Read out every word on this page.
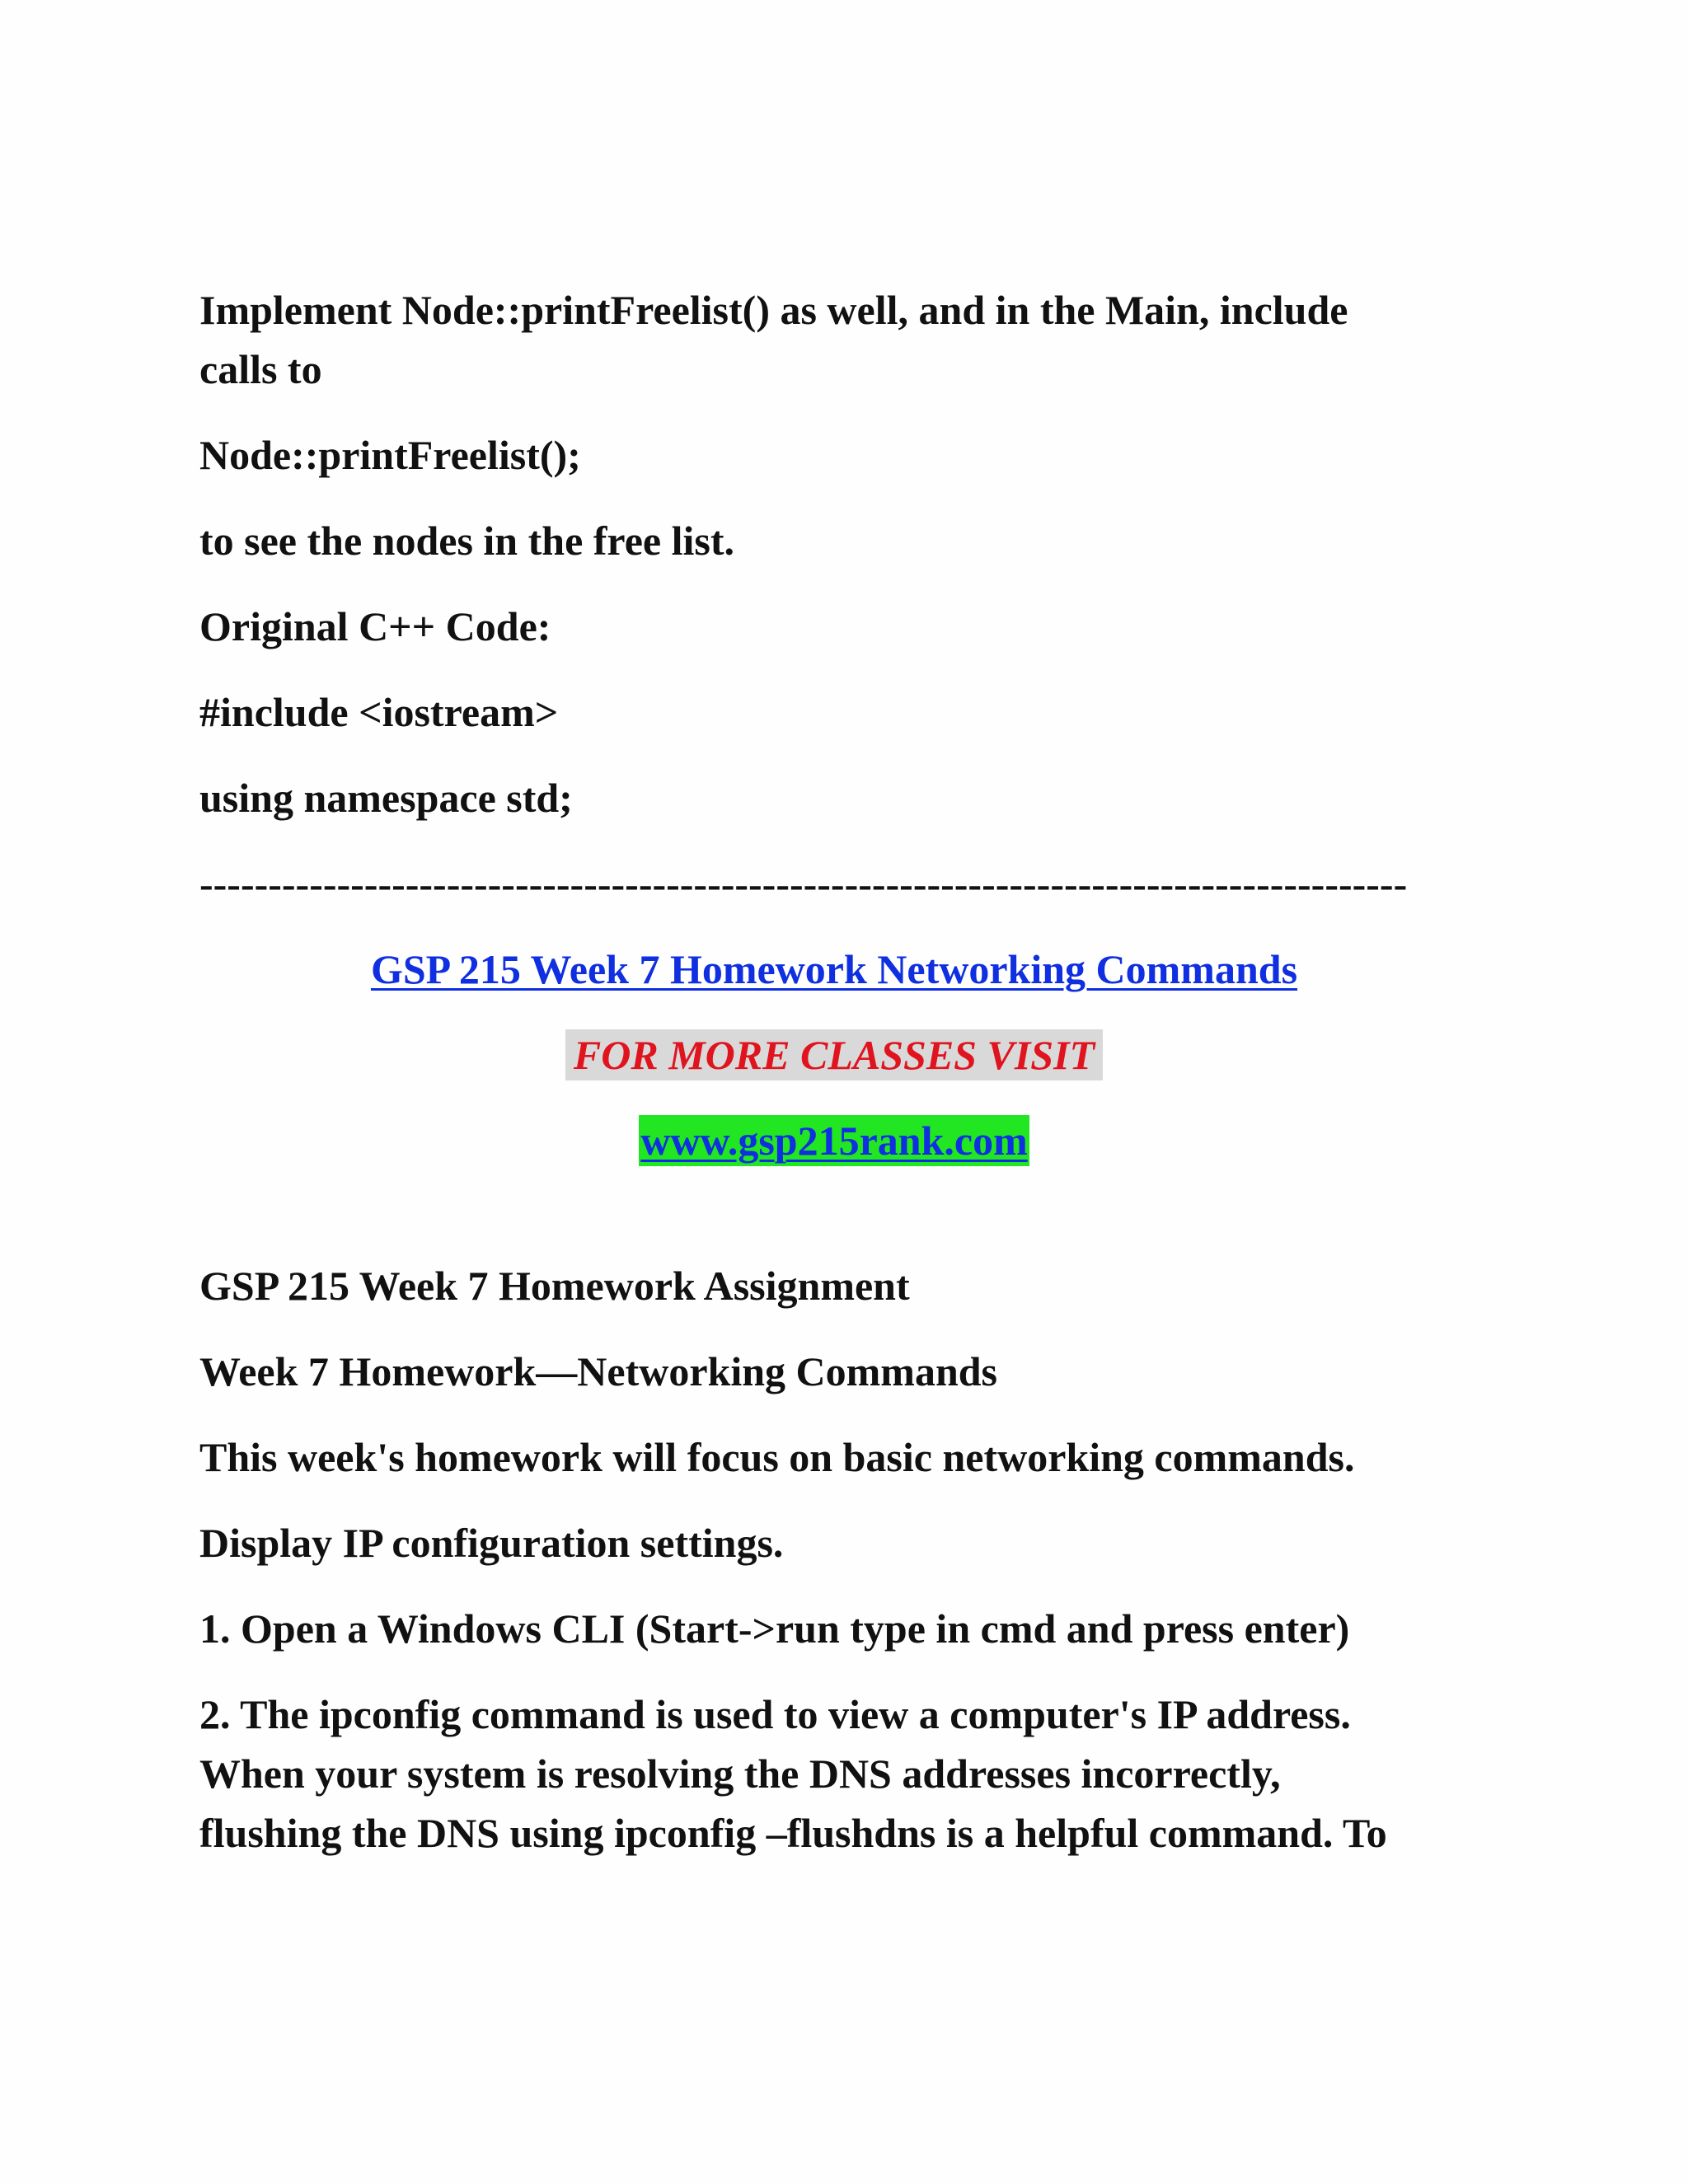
Implement Node::printFreelist() as well, and in the Main, include
calls to
Node::printFreelist();
to see the nodes in the free list.
Original C++ Code:
#include <iostream>
using namespace std;
----------------------------------------------------------------------------------------
GSP 215 Week 7 Homework Networking Commands
FOR MORE CLASSES VISIT
www.gsp215rank.com
GSP 215 Week 7 Homework Assignment
Week 7 Homework—Networking Commands
This week's homework will focus on basic networking commands.
Display IP configuration settings.
1. Open a Windows CLI (Start->run type in cmd and press enter)
2. The ipconfig command is used to view a computer's IP address.
When your system is resolving the DNS addresses incorrectly,
flushing the DNS using ipconfig –flushdns is a helpful command. To
